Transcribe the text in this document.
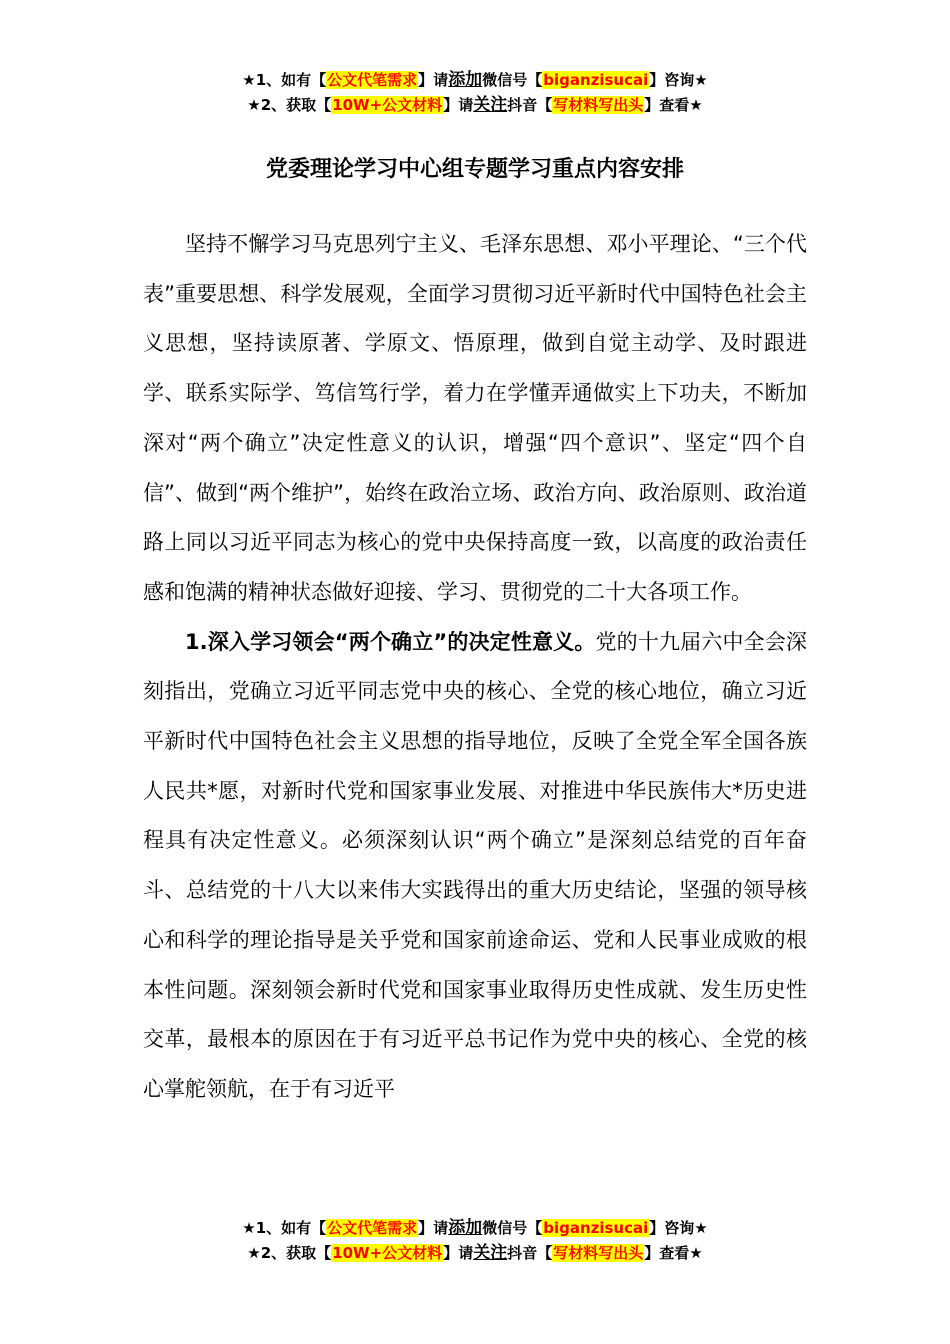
★1、如有【公文代笔需求】请添加微信号【biganzisucai】咨询★
★2、获取【10W+公文材料】请关注抖音【写材料写出头】查看★
党委理论学习中心组专题学习重点内容安排

坚持不懈学习马克思列宁主义、毛泽东思想、邓小平理论、“三个代表”重要思想、科学发展观，全面学习贯彻习近平新时代中国特色社会主义思想，坚持读原著、学原文、悟原理，做到自觉主动学、及时跟进学、联系实际学、笃信笃行学，着力在学懂弄通做实上下功夫，不断加深对“两个确立”决定性意义的认识，增强“四个意识”、坚定“四个自信”、做到“两个维护”，始终在政治立场、政治方向、政治原则、政治道路上同以习近平同志为核心的党中央保持高度一致，以高度的政治责任感和饱满的精神状态做好迎接、学习、贯彻党的二十大各项工作。

1.深入学习领会“两个确立”的决定性意义。党的十九届六中全会深刻指出，党确立习近平同志党中央的核心、全党的核心地位，确立习近平新时代中国特色社会主义思想的指导地位，反映了全党全军全国各族人民共*愿，对新时代党和国家事业发展、对推进中华民族伟大*历史进程具有决定性意义。必须深刻认识“两个确立”是深刻总结党的百年奋斗、总结党的十八大以来伟大实践得出的重大历史结论，坚强的领导核心和科学的理论指导是关乎党和国家前途命运、党和人民事业成败的根本性问题。深刻领会新时代党和国家事业取得历史性成就、发生历史性交革，最根本的原因在于有习近平总书记作为党中央的核心、全党的核心掌舵领航，在于有习近平

★1、如有【公文代笔需求】请添加微信号【biganzisucai】咨询★
★2、获取【10W+公文材料】请关注抖音【写材料写出头】查看★
